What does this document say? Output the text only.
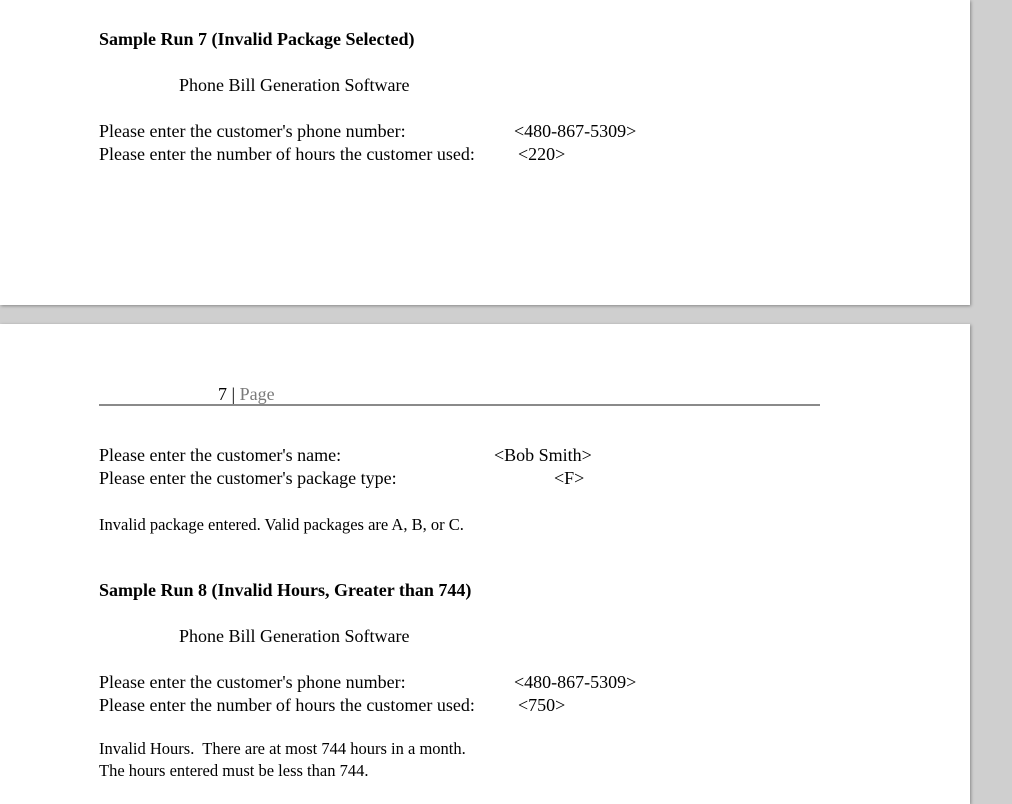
Sample Run 7 (Invalid Package Selected)
Phone Bill Generation Software
Please enter the customer's phone number:	<480-867-5309>
Please enter the number of hours the customer used: <220>
7 | Page
Please enter the customer's name:	<Bob Smith>
Please enter the customer's package type:	<F>
Invalid package entered. Valid packages are A, B, or C.
Sample Run 8 (Invalid Hours, Greater than 744)
Phone Bill Generation Software
Please enter the customer's phone number:	<480-867-5309>
Please enter the number of hours the customer used: <750>
Invalid Hours.  There are at most 744 hours in a month.
The hours entered must be less than 744.
